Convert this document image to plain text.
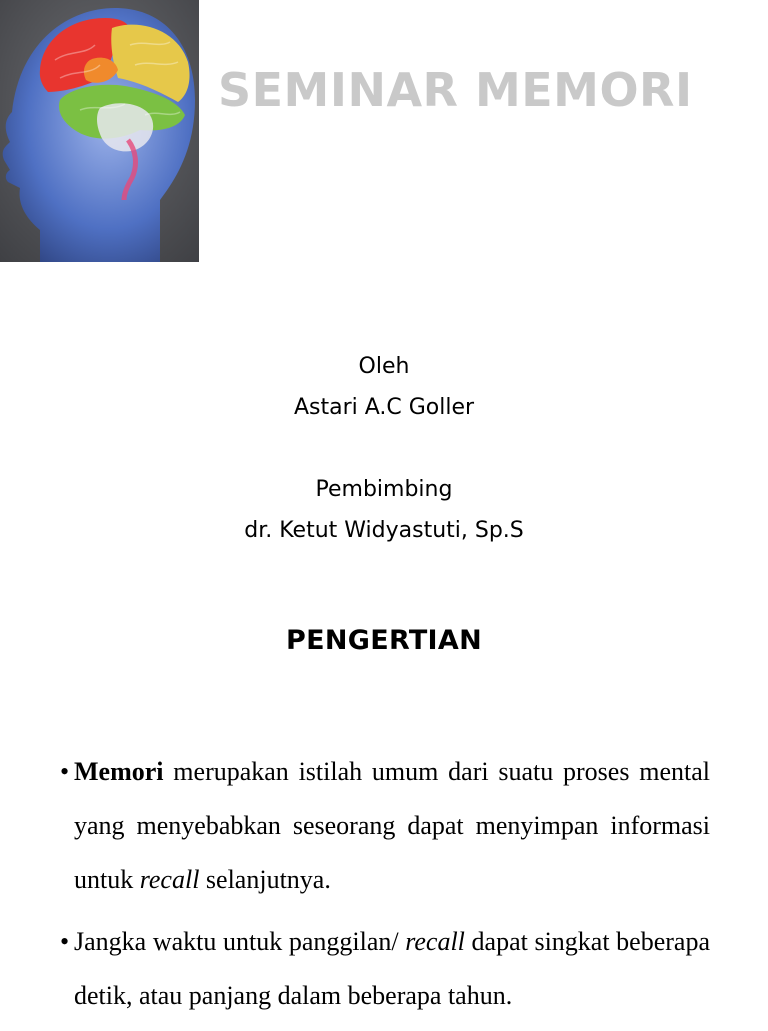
SEMINAR MEMORI

Oleh

Astari A.C Goller

Pembimbing

dr. Ketut Widyastuti, Sp.S

PENGERTIAN
• Memori merupakan istilah umum dari suatu proses mental yang menyebabkan seseorang dapat menyimpan informasi untuk recall selanjutnya.
• Jangka waktu untuk panggilan/ recall dapat singkat beberapa detik, atau panjang dalam beberapa tahun.
